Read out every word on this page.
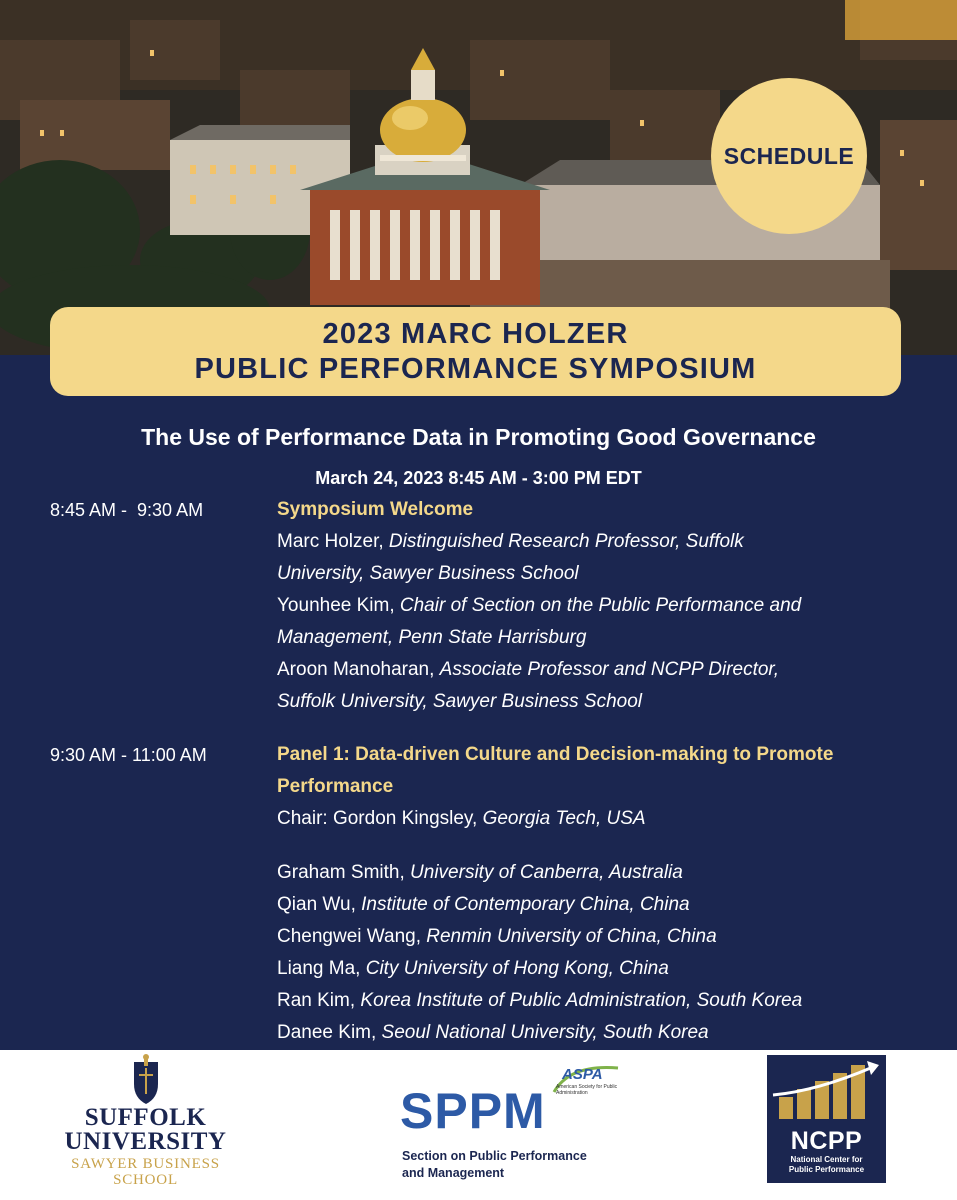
SCHEDULE
2023 MARC HOLZER
PUBLIC PERFORMANCE SYMPOSIUM
The Use of Performance Data in Promoting Good Governance
March 24, 2023 8:45 AM - 3:00 PM EDT
8:45 AM -  9:30 AM	Symposium Welcome
Marc Holzer, Distinguished Research Professor, Suffolk
University, Sawyer Business School
Younhee Kim, Chair of Section on the Public Performance and
Management, Penn State Harrisburg
Aroon Manoharan, Associate Professor and NCPP Director,
Suffolk University, Sawyer Business School
9:30 AM - 11:00 AM	Panel 1: Data-driven Culture and Decision-making to Promote
Performance
Chair: Gordon Kingsley, Georgia Tech, USA
Graham Smith, University of Canberra, Australia
Qian Wu, Institute of Contemporary China, China
Chengwei Wang, Renmin University of China, China
Liang Ma, City University of Hong Kong, China
Ran Kim, Korea Institute of Public Administration, South Korea
Danee Kim, Seoul National University, South Korea
SUFFOLK
UNIVERSITY
SAWYER BUSINESS
SCHOOL
ASPA
American Society for Public Administration
SPPM
Section on Public Performance
and Management
NCPP
National Center for
Public Performance
